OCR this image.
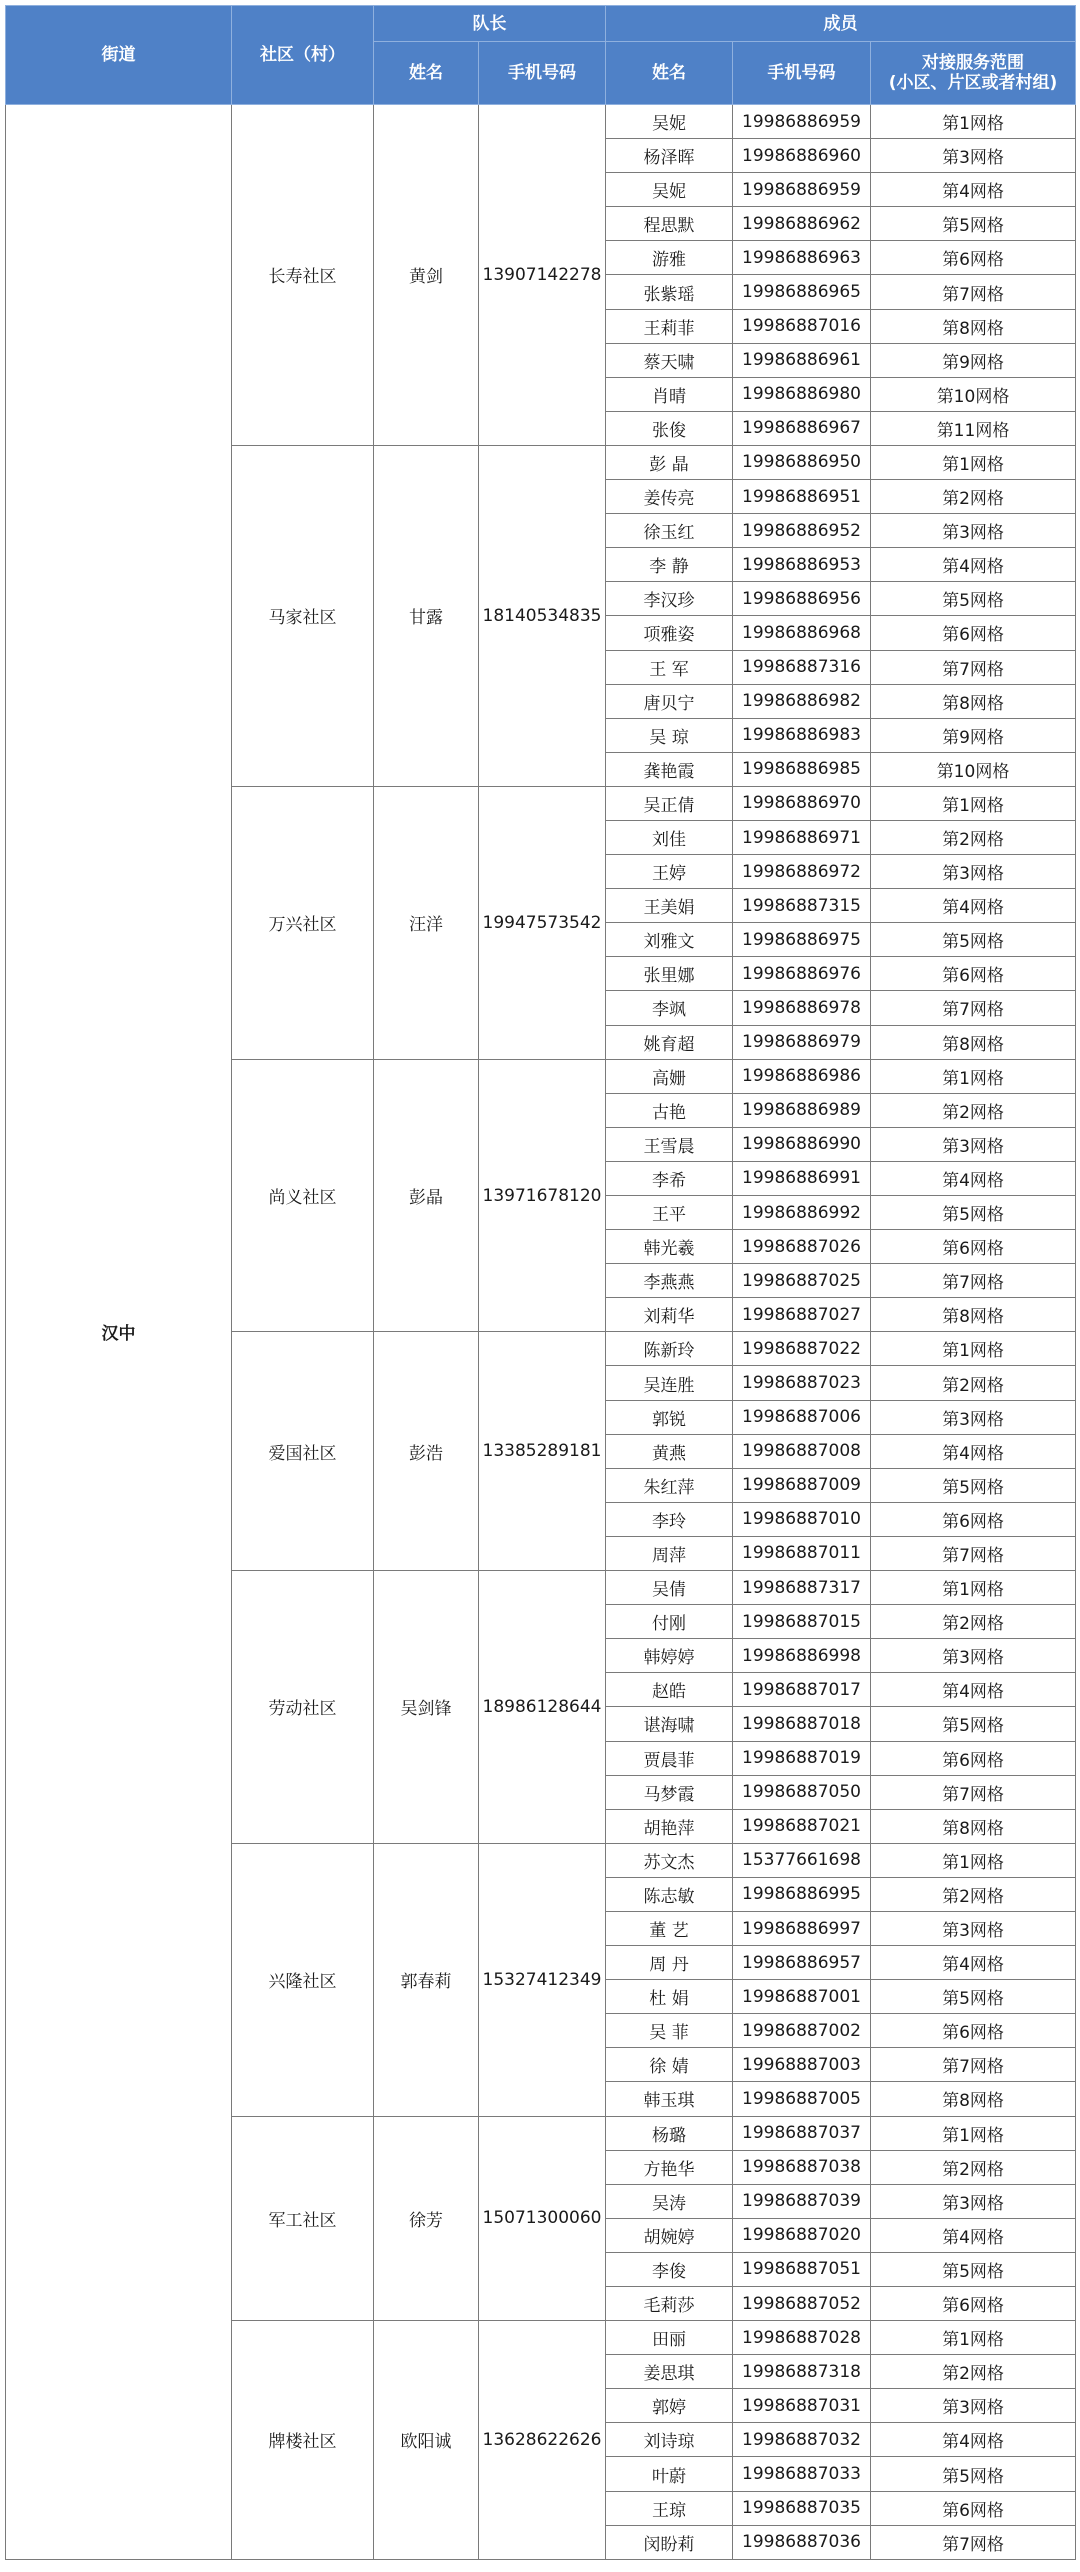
街道	社区（村）	队长		成员		
		姓名	手机号码	姓名	手机号码	对接服务范围
(小区、片区或者村组)

汉中	长寿社区	黄剑	13907142278	吴妮	19986886959	第1网格
				杨泽晖	19986886960	第3网格
				吴妮	19986886959	第4网格
				程思默	19986886962	第5网格
				游雅	19986886963	第6网格
				张紫瑶	19986886965	第7网格
				王莉菲	19986887016	第8网格
				蔡天啸	19986886961	第9网格
				肖晴	19986886980	第10网格
				张俊	19986886967	第11网格
	马家社区	甘露	18140534835	彭 晶	19986886950	第1网格
				姜传亮	19986886951	第2网格
				徐玉红	19986886952	第3网格
				李 静	19986886953	第4网格
				李汉珍	19986886956	第5网格
				项雅姿	19986886968	第6网格
				王 军	19986887316	第7网格
				唐贝宁	19986886982	第8网格
				吴 琼	19986886983	第9网格
				龚艳霞	19986886985	第10网格
	万兴社区	汪洋	19947573542	吴正倩	19986886970	第1网格
				刘佳	19986886971	第2网格
				王婷	19986886972	第3网格
				王美娟	19986887315	第4网格
				刘雅文	19986886975	第5网格
				张里娜	19986886976	第6网格
				李飒	19986886978	第7网格
				姚育超	19986886979	第8网格
	尚义社区	彭晶	13971678120	高姗	19986886986	第1网格
				古艳	19986886989	第2网格
				王雪晨	19986886990	第3网格
				李希	19986886991	第4网格
				王平	19986886992	第5网格
				韩光羲	19986887026	第6网格
				李燕燕	19986887025	第7网格
				刘莉华	19986887027	第8网格
	爱国社区	彭浩	13385289181	陈新玲	19986887022	第1网格
				吴连胜	19986887023	第2网格
				郭锐	19986887006	第3网格
				黄燕	19986887008	第4网格
				朱红萍	19986887009	第5网格
				李玲	19986887010	第6网格
				周萍	19986887011	第7网格
	劳动社区	吴剑锋	18986128644	吴倩	19986887317	第1网格
				付刚	19986887015	第2网格
				韩婷婷	19986886998	第3网格
				赵皓	19986887017	第4网格
				谌海啸	19986887018	第5网格
				贾晨菲	19986887019	第6网格
				马梦霞	19986887050	第7网格
				胡艳萍	19986887021	第8网格
	兴隆社区	郭春莉	15327412349	苏文杰	15377661698	第1网格
				陈志敏	19986886995	第2网格
				董 艺	19986886997	第3网格
				周 丹	19986886957	第4网格
				杜 娟	19986887001	第5网格
				吴 菲	19986887002	第6网格
				徐 婧	19968887003	第7网格
				韩玉琪	19986887005	第8网格
	军工社区	徐芳	15071300060	杨璐	19986887037	第1网格
				方艳华	19986887038	第2网格
				吴涛	19986887039	第3网格
				胡婉婷	19986887020	第4网格
				李俊	19986887051	第5网格
				毛莉莎	19986887052	第6网格
	牌楼社区	欧阳诚	13628622626	田丽	19986887028	第1网格
				姜思琪	19986887318	第2网格
				郭婷	19986887031	第3网格
				刘诗琼	19986887032	第4网格
				叶蔚	19986887033	第5网格
				王琼	19986887035	第6网格
				闵盼莉	19986887036	第7网格
